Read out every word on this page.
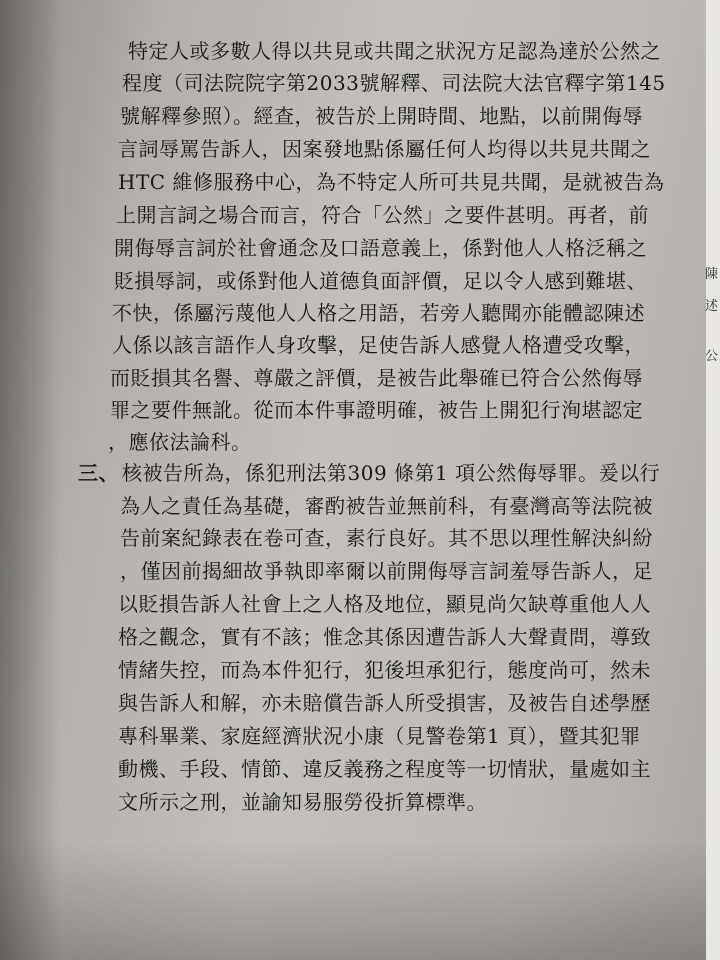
陳
述
公
特定人或多數人得以共見或共聞之狀況方足認為達於公然之
程度（司法院院字第2033號解釋、司法院大法官釋字第145
號解釋參照）。經查，被告於上開時間、地點，以前開侮辱
言詞辱罵告訴人，因案發地點係屬任何人均得以共見共聞之
HTC 維修服務中心，為不特定人所可共見共聞，是就被告為
上開言詞之場合而言，符合「公然」之要件甚明。再者，前
開侮辱言詞於社會通念及口語意義上，係對他人人格泛稱之
貶損辱詞，或係對他人道德負面評價，足以令人感到難堪、
不快，係屬污蔑他人人格之用語，若旁人聽聞亦能體認陳述
人係以該言語作人身攻擊，足使告訴人感覺人格遭受攻擊，
而貶損其名譽、尊嚴之評價，是被告此舉確已符合公然侮辱
罪之要件無訛。從而本件事證明確，被告上開犯行洵堪認定
，應依法論科。
三、 核被告所為，係犯刑法第309 條第1 項公然侮辱罪。爰以行
為人之責任為基礎，審酌被告並無前科，有臺灣高等法院被
告前案紀錄表在卷可查，素行良好。其不思以理性解決糾紛
，僅因前揭細故爭執即率爾以前開侮辱言詞羞辱告訴人，足
以貶損告訴人社會上之人格及地位，顯見尚欠缺尊重他人人
格之觀念，實有不該；惟念其係因遭告訴人大聲責問，導致
情緒失控，而為本件犯行，犯後坦承犯行，態度尚可，然未
與告訴人和解，亦未賠償告訴人所受損害，及被告自述學歷
專科畢業、家庭經濟狀況小康（見警卷第1 頁），暨其犯罪
動機、手段、情節、違反義務之程度等一切情狀，量處如主
文所示之刑，並諭知易服勞役折算標準。
